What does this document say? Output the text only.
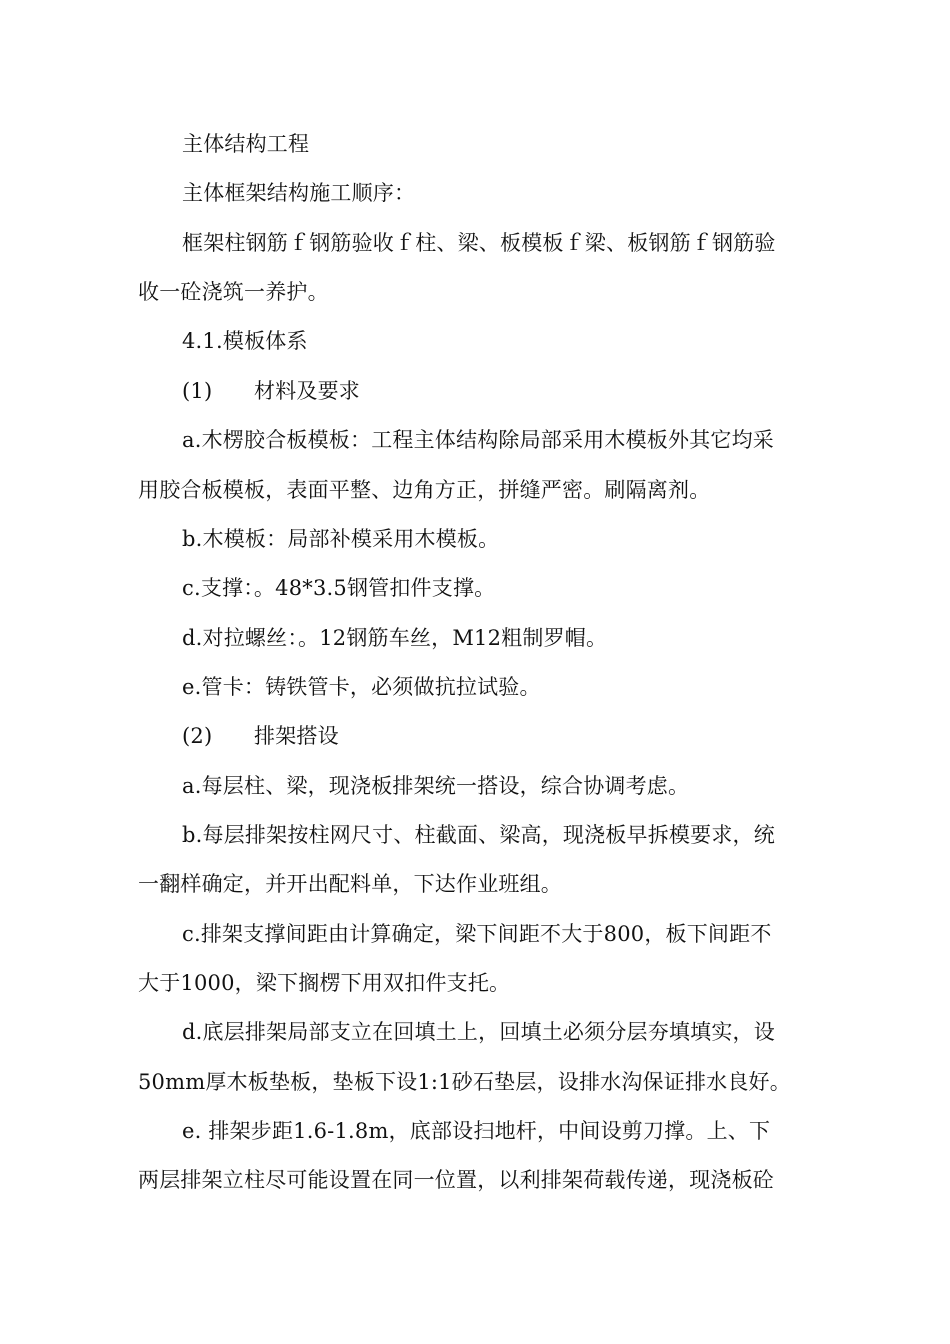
主体结构工程
主体框架结构施工顺序：
框架柱钢筋ｆ钢筋验收ｆ柱、梁、板模板ｆ梁、板钢筋ｆ钢筋验
收一砼浇筑一养护。
4.1.模板体系
(1) 材料及要求
a.木楞胶合板模板：工程主体结构除局部采用木模板外其它均采
用胶合板模板，表面平整、边角方正，拼缝严密。刷隔离剂。
b.木模板：局部补模采用木模板。
c.支撑：。48*3.5钢管扣件支撑。
d.对拉螺丝：。12钢筋车丝，M12粗制罗帽。
e.管卡：铸铁管卡，必须做抗拉试验。
(2) 排架搭设
a.每层柱、梁，现浇板排架统一搭设，综合协调考虑。
b.每层排架按柱网尺寸、柱截面、梁高，现浇板早拆模要求，统
一翻样确定，并开出配料单，下达作业班组。
c.排架支撑间距由计算确定，梁下间距不大于800，板下间距不
大于1000，梁下搁楞下用双扣件支托。
d.底层排架局部支立在回填土上，回填土必须分层夯填填实，设
50mm厚木板垫板，垫板下设1:1砂石垫层，设排水沟保证排水良好。
e. 排架步距1.6-1.8m，底部设扫地杆，中间设剪刀撑。上、下
两层排架立柱尽可能设置在同一位置，以利排架荷载传递，现浇板砼
